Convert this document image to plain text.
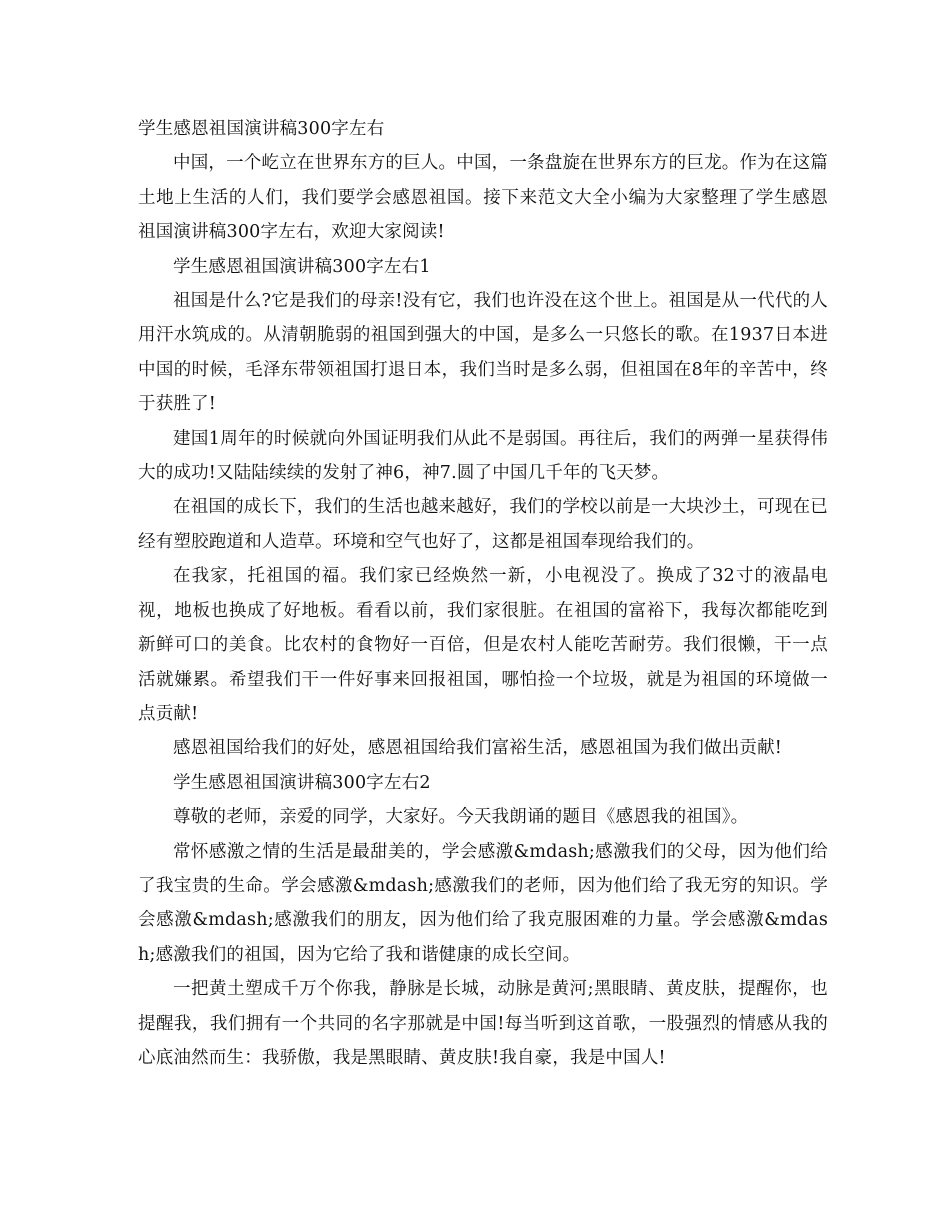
学生感恩祖国演讲稿300字左右

中国，一个屹立在世界东方的巨人。中国，一条盘旋在世界东方的巨龙。作为在这篇土地上生活的人们，我们要学会感恩祖国。接下来范文大全小编为大家整理了学生感恩祖国演讲稿300字左右，欢迎大家阅读!

学生感恩祖国演讲稿300字左右1

祖国是什么?它是我们的母亲!没有它，我们也许没在这个世上。祖国是从一代代的人用汗水筑成的。从清朝脆弱的祖国到强大的中国，是多么一只悠长的歌。在1937日本进中国的时候，毛泽东带领祖国打退日本，我们当时是多么弱，但祖国在8年的辛苦中，终于获胜了!

建国1周年的时候就向外国证明我们从此不是弱国。再往后，我们的两弹一星获得伟大的成功!又陆陆续续的发射了神6，神7.圆了中国几千年的飞天梦。

在祖国的成长下，我们的生活也越来越好，我们的学校以前是一大块沙土，可现在已经有塑胶跑道和人造草。环境和空气也好了，这都是祖国奉现给我们的。

在我家，托祖国的福。我们家已经焕然一新，小电视没了。换成了32寸的液晶电视，地板也换成了好地板。看看以前，我们家很脏。在祖国的富裕下，我每次都能吃到新鲜可口的美食。比农村的食物好一百倍，但是农村人能吃苦耐劳。我们很懒，干一点活就嫌累。希望我们干一件好事来回报祖国，哪怕捡一个垃圾，就是为祖国的环境做一点贡献!

感恩祖国给我们的好处，感恩祖国给我们富裕生活，感恩祖国为我们做出贡献!

学生感恩祖国演讲稿300字左右2

尊敬的老师，亲爱的同学，大家好。今天我朗诵的题目《感恩我的祖国》。

常怀感激之情的生活是最甜美的，学会感激&mdash;感激我们的父母，因为他们给了我宝贵的生命。学会感激&mdash;感激我们的老师，因为他们给了我无穷的知识。学会感激&mdash;感激我们的朋友，因为他们给了我克服困难的力量。学会感激&mdash;感激我们的祖国，因为它给了我和谐健康的成长空间。

一把黄土塑成千万个你我，静脉是长城，动脉是黄河;黑眼睛、黄皮肤，提醒你，也提醒我，我们拥有一个共同的名字那就是中国!每当听到这首歌，一股强烈的情感从我的心底油然而生：我骄傲，我是黑眼睛、黄皮肤!我自豪，我是中国人!
